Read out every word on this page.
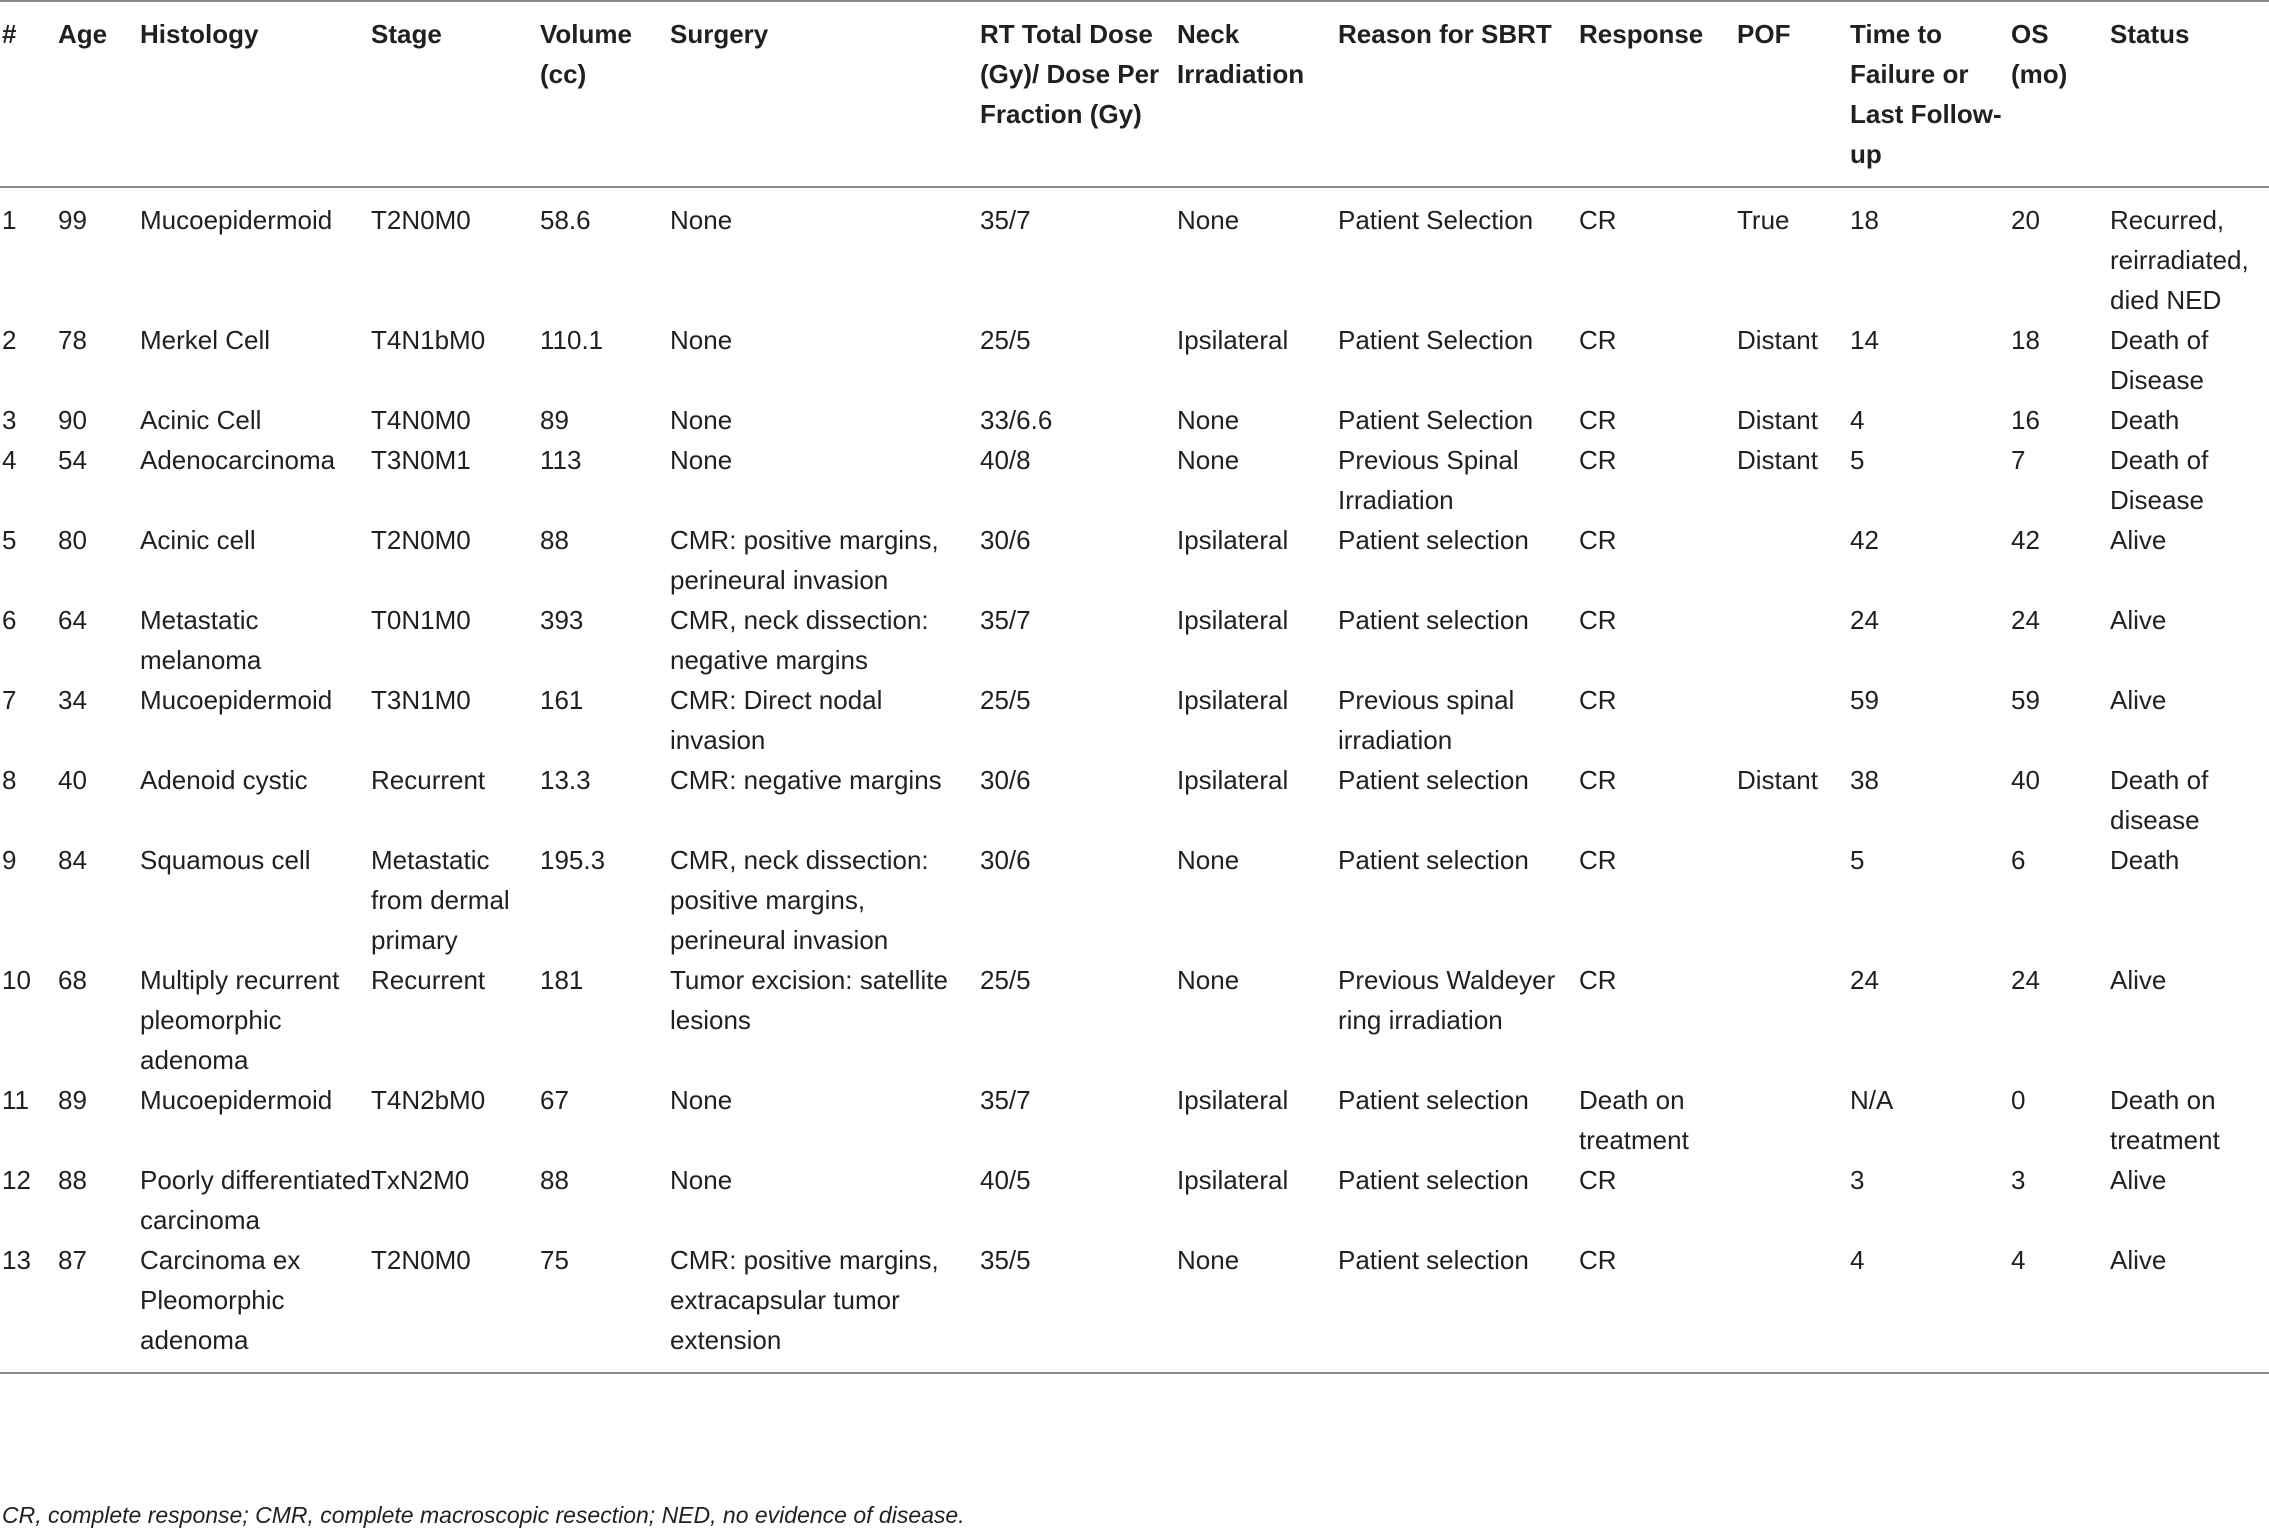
#	Age	Histology	Stage	Volume (cc)	Surgery	RT Total Dose (Gy)/ Dose Per Fraction (Gy)	Neck Irradiation	Reason for SBRT	Response	POF	Time to Failure or Last Follow-up	OS (mo)	Status
1	99	Mucoepidermoid	T2N0M0	58.6	None	35/7	None	Patient Selection	CR	True	18	20	Recurred, reirradiated, died NED
2	78	Merkel Cell	T4N1bM0	110.1	None	25/5	Ipsilateral	Patient Selection	CR	Distant	14	18	Death of Disease
3	90	Acinic Cell	T4N0M0	89	None	33/6.6	None	Patient Selection	CR	Distant	4	16	Death
4	54	Adenocarcinoma	T3N0M1	113	None	40/8	None	Previous Spinal Irradiation	CR	Distant	5	7	Death of Disease
5	80	Acinic cell	T2N0M0	88	CMR: positive margins, perineural invasion	30/6	Ipsilateral	Patient selection	CR		42	42	Alive
6	64	Metastatic melanoma	T0N1M0	393	CMR, neck dissection: negative margins	35/7	Ipsilateral	Patient selection	CR		24	24	Alive
7	34	Mucoepidermoid	T3N1M0	161	CMR: Direct nodal invasion	25/5	Ipsilateral	Previous spinal irradiation	CR		59	59	Alive
8	40	Adenoid cystic	Recurrent	13.3	CMR: negative margins	30/6	Ipsilateral	Patient selection	CR	Distant	38	40	Death of disease
9	84	Squamous cell	Metastatic from dermal primary	195.3	CMR, neck dissection: positive margins, perineural invasion	30/6	None	Patient selection	CR		5	6	Death
10	68	Multiply recurrent pleomorphic adenoma	Recurrent	181	Tumor excision: satellite lesions	25/5	None	Previous Waldeyer ring irradiation	CR		24	24	Alive
11	89	Mucoepidermoid	T4N2bM0	67	None	35/7	Ipsilateral	Patient selection	Death on treatment		N/A	0	Death on treatment
12	88	Poorly differentiated carcinoma	TxN2M0	88	None	40/5	Ipsilateral	Patient selection	CR		3	3	Alive
13	87	Carcinoma ex Pleomorphic adenoma	T2N0M0	75	CMR: positive margins, extracapsular tumor extension	35/5	None	Patient selection	CR		4	4	Alive
CR, complete response; CMR, complete macroscopic resection; NED, no evidence of disease.
